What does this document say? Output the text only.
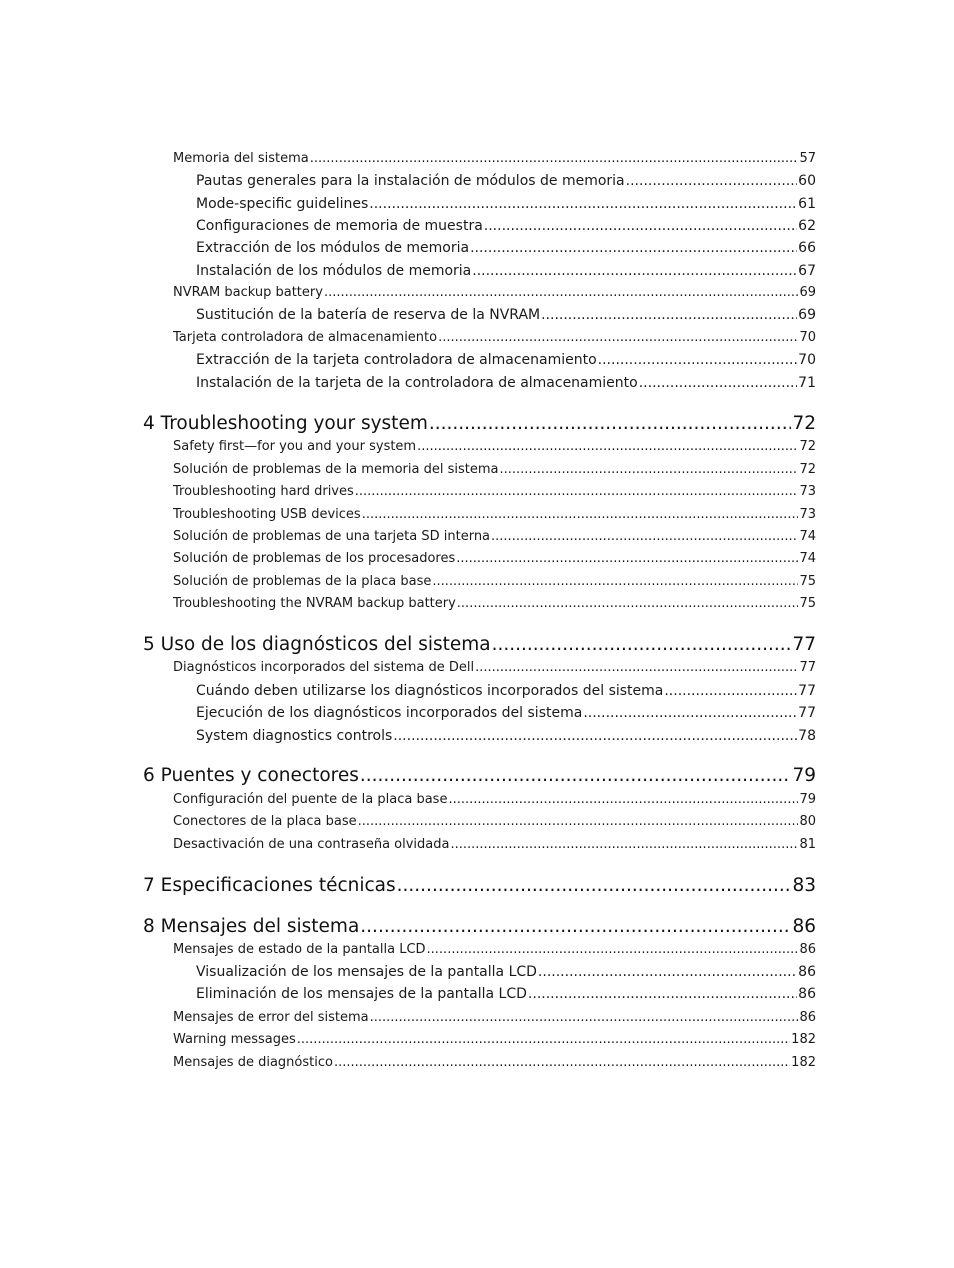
Memoria del sistema .....	57
Pautas generales para la instalación de módulos de memoria .....	60
Mode-specific guidelines .....	61
Configuraciones de memoria de muestra .....	62
Extracción de los módulos de memoria .....	66
Instalación de los módulos de memoria .....	67
NVRAM backup battery .....	69
Sustitución de la batería de reserva de la NVRAM .....	69
Tarjeta controladora de almacenamiento .....	70
Extracción de la tarjeta controladora de almacenamiento .....	70
Instalación de la tarjeta de la controladora de almacenamiento .....	71
4 Troubleshooting your system .....	72
Safety first—for you and your system .....	72
Solución de problemas de la memoria del sistema .....	72
Troubleshooting hard drives .....	73
Troubleshooting USB devices .....	73
Solución de problemas de una tarjeta SD interna .....	74
Solución de problemas de los procesadores .....	74
Solución de problemas de la placa base .....	75
Troubleshooting the NVRAM backup battery .....	75
5 Uso de los diagnósticos del sistema .....	77
Diagnósticos incorporados del sistema de Dell .....	77
Cuándo deben utilizarse los diagnósticos incorporados del sistema .....	77
Ejecución de los diagnósticos incorporados del sistema .....	77
System diagnostics controls .....	78
6 Puentes y conectores .....	79
Configuración del puente de la placa base .....	79
Conectores de la placa base .....	80
Desactivación de una contraseña olvidada .....	81
7 Especificaciones técnicas .....	83
8 Mensajes del sistema .....	86
Mensajes de estado de la pantalla LCD .....	86
Visualización de los mensajes de la pantalla LCD .....	86
Eliminación de los mensajes de la pantalla LCD .....	86
Mensajes de error del sistema .....	86
Warning messages .....	182
Mensajes de diagnóstico .....	182
